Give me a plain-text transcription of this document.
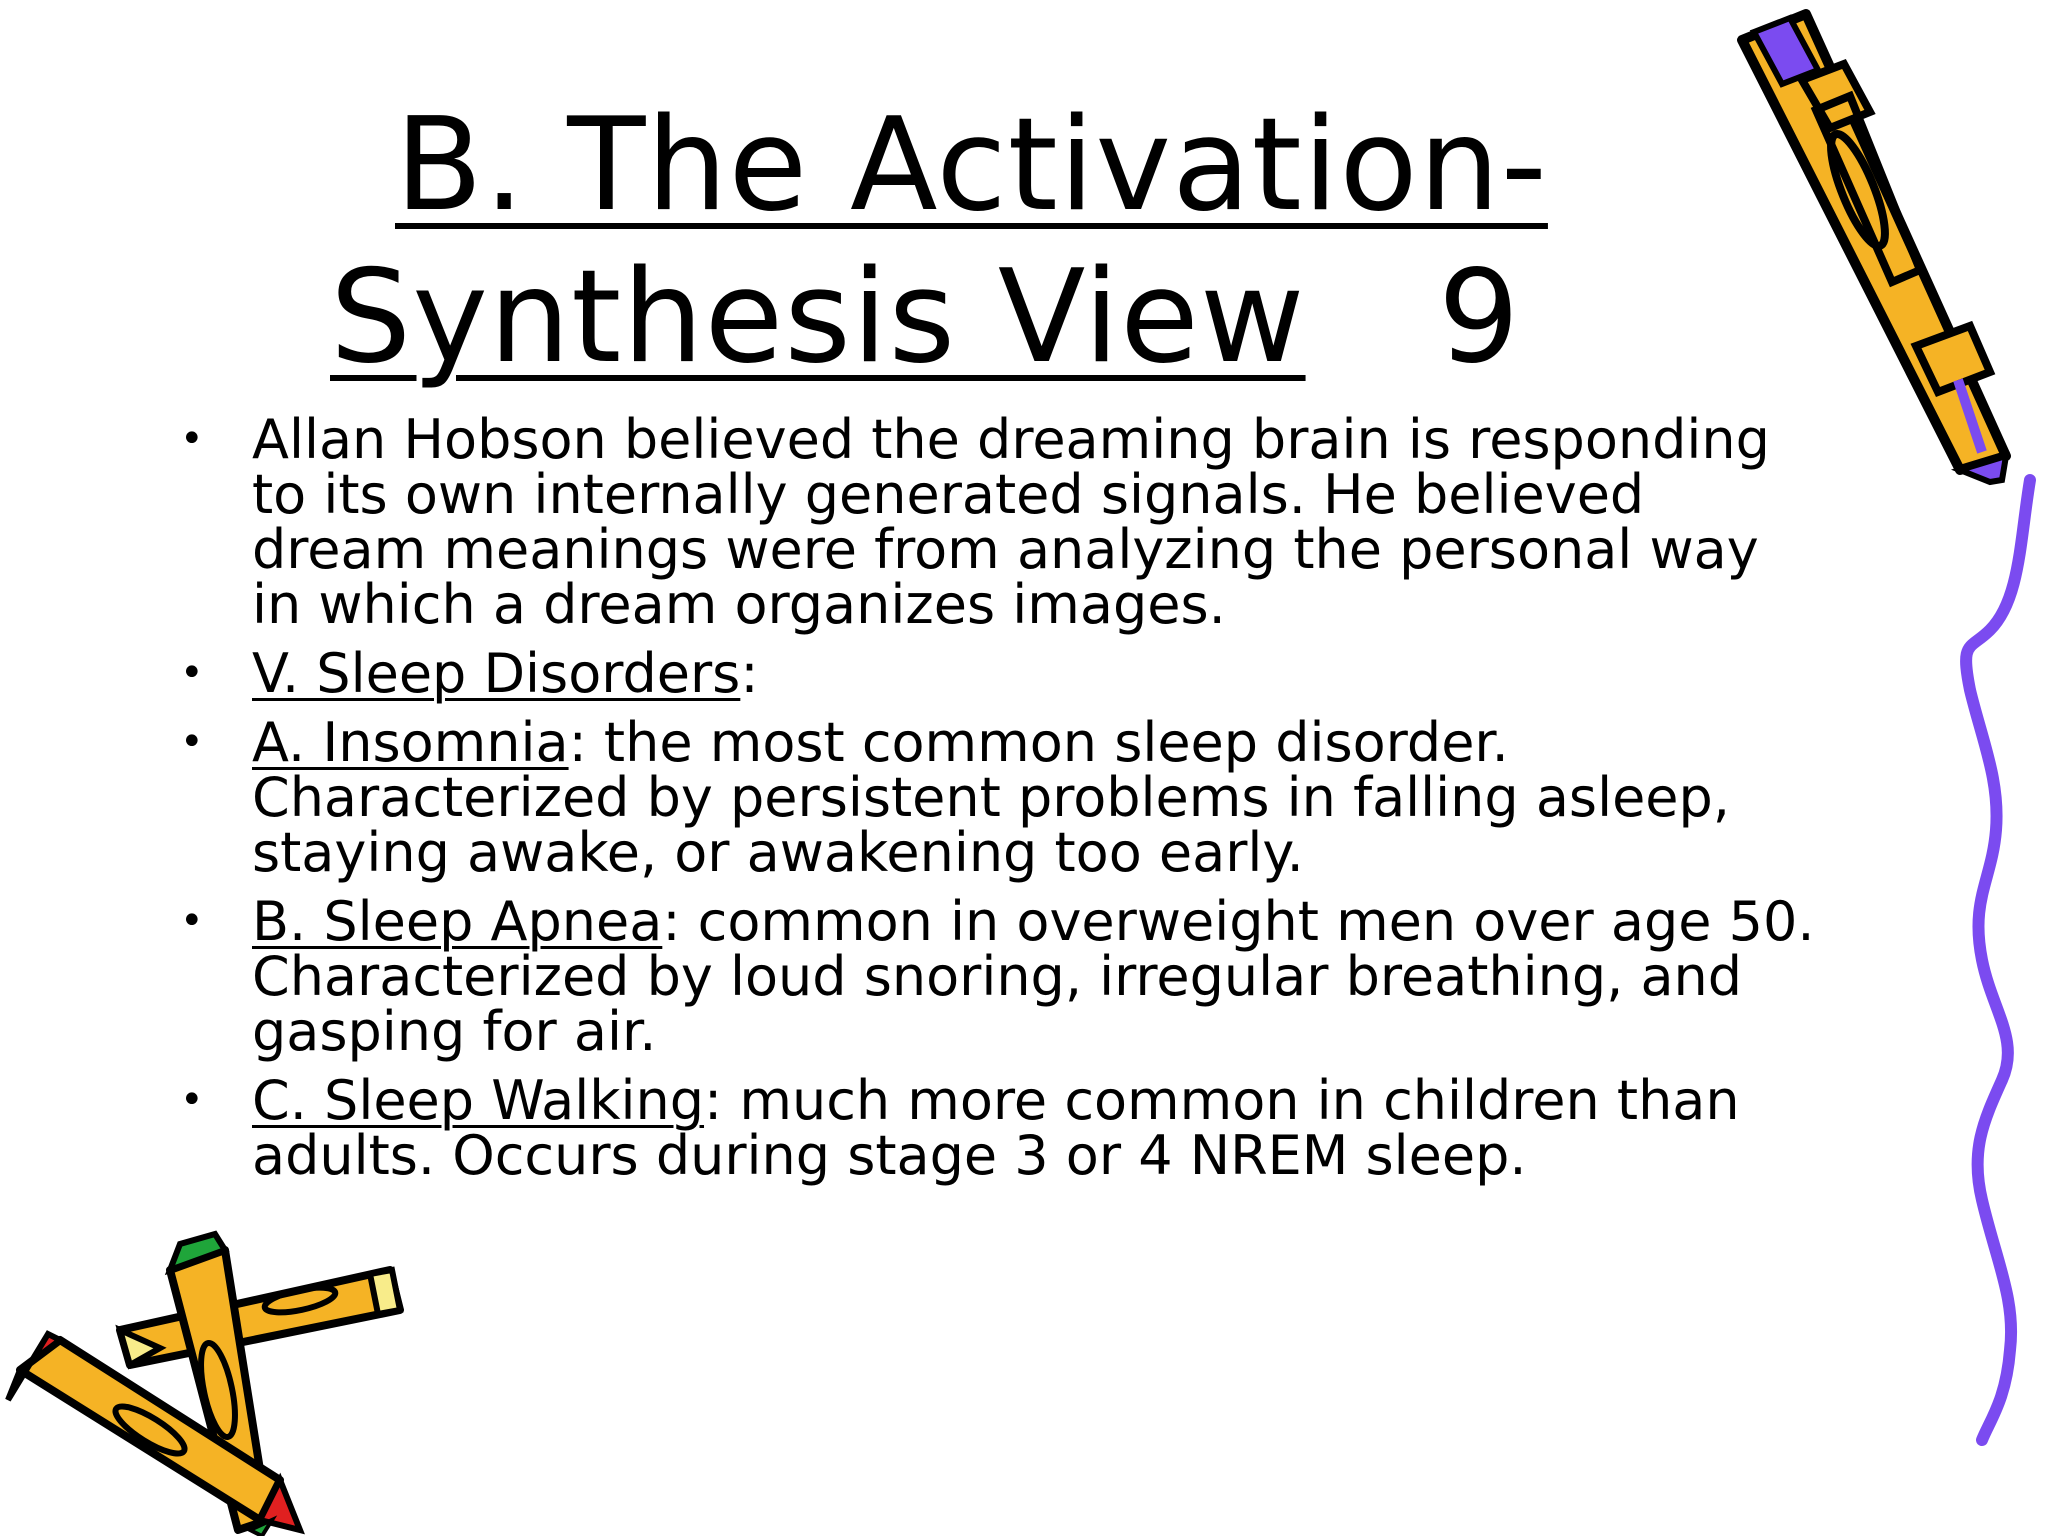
B. The Activation-
Synthesis View 9
• Allan Hobson believed the dreaming brain is responding to its own internally generated signals. He believed dream meanings were from analyzing the personal way in which a dream organizes images.
• V. Sleep Disorders:
• A. Insomnia: the most common sleep disorder. Characterized by persistent problems in falling asleep, staying awake, or awakening too early.
• B. Sleep Apnea: common in overweight men over age 50. Characterized by loud snoring, irregular breathing, and gasping for air.
• C. Sleep Walking: much more common in children than adults. Occurs during stage 3 or 4 NREM sleep.
